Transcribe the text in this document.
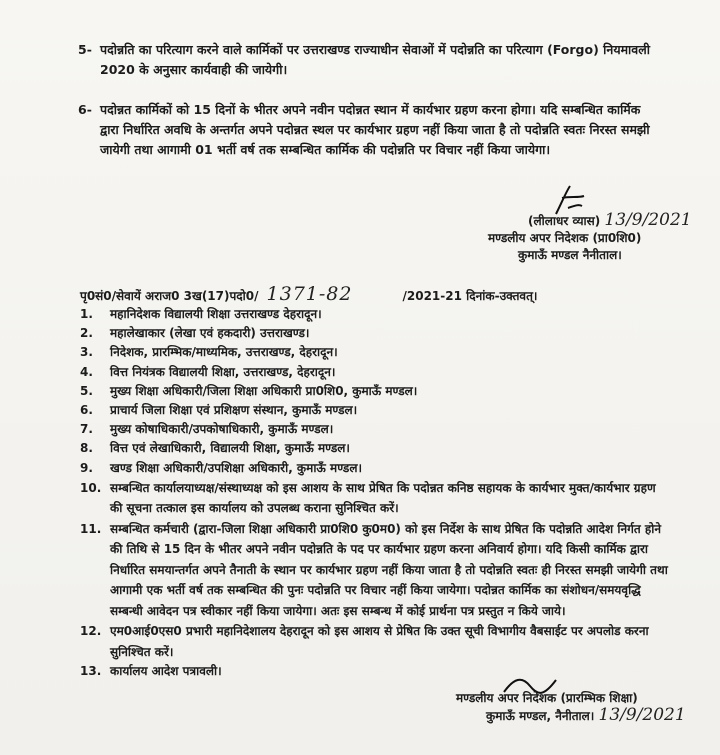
5- पदोन्नति का परित्याग करने वाले कार्मिकों पर उत्तराखण्ड राज्याधीन सेवाओं में पदोन्नति का परित्याग (Forgo) नियमावली 2020 के अनुसार कार्यवाही की जायेगी।
6- पदोन्नत कार्मिकों को 15 दिनों के भीतर अपने नवीन पदोन्नत स्थान में कार्यभार ग्रहण करना होगा। यदि सम्बन्धित कार्मिक द्वारा निर्धारित अवधि के अन्तर्गत अपने पदोन्नत स्थल पर कार्यभार ग्रहण नहीं किया जाता है तो पदोन्नति स्वतः निरस्त समझी जायेगी तथा आगामी 01 भर्ती वर्ष तक सम्बन्धित कार्मिक की पदोन्नति पर विचार नहीं किया जायेगा।
(लीलाधर व्यास) 13/9/2021
मण्डलीय अपर निदेशक (प्रा0शि0)
कुमाऊँ मण्डल नैनीताल।
पृ0सं0/सेवायें अराज0 3ख(17)पदो0/ 1371-82	/2021-21 दिनांक-उक्तवत्।
1. महानिदेशक विद्यालयी शिक्षा उत्तराखण्ड देहरादून।
2. महालेखाकार (लेखा एवं हकदारी) उत्तराखण्ड।
3. निदेशक, प्रारम्भिक/माध्यमिक, उत्तराखण्ड, देहरादून।
4. वित्त नियंत्रक विद्यालयी शिक्षा, उत्तराखण्ड, देहरादून।
5. मुख्य शिक्षा अधिकारी/जिला शिक्षा अधिकारी प्रा0शि0, कुमाऊँ मण्डल।
6. प्राचार्य जिला शिक्षा एवं प्रशिक्षण संस्थान, कुमाऊँ मण्डल।
7. मुख्य कोषाधिकारी/उपकोषाधिकारी, कुमाऊँ मण्डल।
8. वित्त एवं लेखाधिकारी, विद्यालयी शिक्षा, कुमाऊँ मण्डल।
9. खण्ड शिक्षा अधिकारी/उपशिक्षा अधिकारी, कुमाऊँ मण्डल।
10. सम्बन्धित कार्यालयाध्यक्ष/संस्थाध्यक्ष को इस आशय के साथ प्रेषित कि पदोन्नत कनिष्ठ सहायक के कार्यभार मुक्त/कार्यभार ग्रहण की सूचना तत्काल इस कार्यालय को उपलब्ध कराना सुनिश्चित करें।
11. सम्बन्धित कर्मचारी (द्वारा-जिला शिक्षा अधिकारी प्रा0शि0 कु0म0) को इस निर्देश के साथ प्रेषित कि पदोन्नति आदेश निर्गत होने की तिथि से 15 दिन के भीतर अपने नवीन पदोन्नति के पद पर कार्यभार ग्रहण करना अनिवार्य होगा। यदि किसी कार्मिक द्वारा निर्धारित समयान्तर्गत अपने तैनाती के स्थान पर कार्यभार ग्रहण नहीं किया जाता है तो पदोन्नति स्वतः ही निरस्त समझी जायेगी तथा आगामी एक भर्ती वर्ष तक सम्बन्धित की पुनः पदोन्नति पर विचार नहीं किया जायेगा। पदोन्नत कार्मिक का संशोधन/समयवृद्धि सम्बन्धी आवेदन पत्र स्वीकार नहीं किया जायेगा। अतः इस सम्बन्ध में कोई प्रार्थना पत्र प्रस्तुत न किये जाये।
12. एम0आई0एस0 प्रभारी महानिदेशालय देहरादून को इस आशय से प्रेषित कि उक्त सूची विभागीय वैबसाईट पर अपलोड करना सुनिश्चित करें।
13. कार्यालय आदेश पत्रावली।
मण्डलीय अपर निदेशक (प्रारम्भिक शिक्षा)
कुमाऊँ मण्डल, नैनीताल। 13/9/2021
